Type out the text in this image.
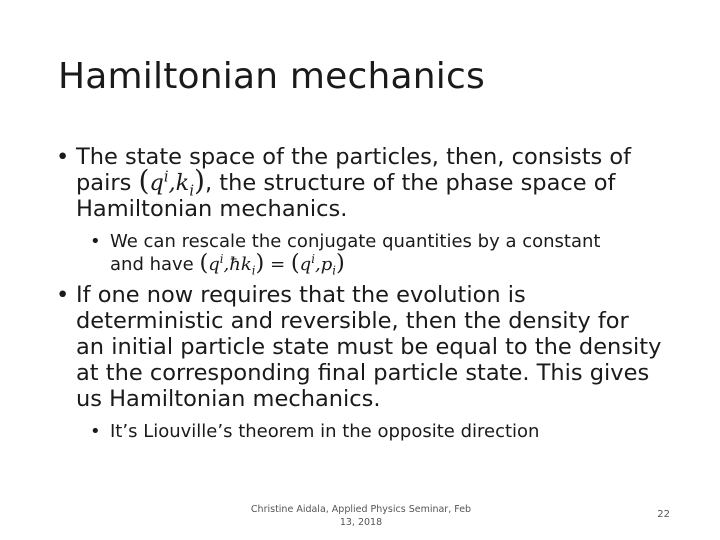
Hamiltonian mechanics
• The state space of the particles, then, consists of
pairs $(q^i,k_i)$, the structure of the phase space of
Hamiltonian mechanics.
• We can rescale the conjugate quantities by a constant
and have $(q^i,ħk_i) = (q^i,p_i)$
• If one now requires that the evolution is
deterministic and reversible, then the density for
an initial particle state must be equal to the density
at the corresponding final particle state. This gives
us Hamiltonian mechanics.
• It’s Liouville’s theorem in the opposite direction
Christine Aidala, Applied Physics Seminar, Feb
13, 2018
22
